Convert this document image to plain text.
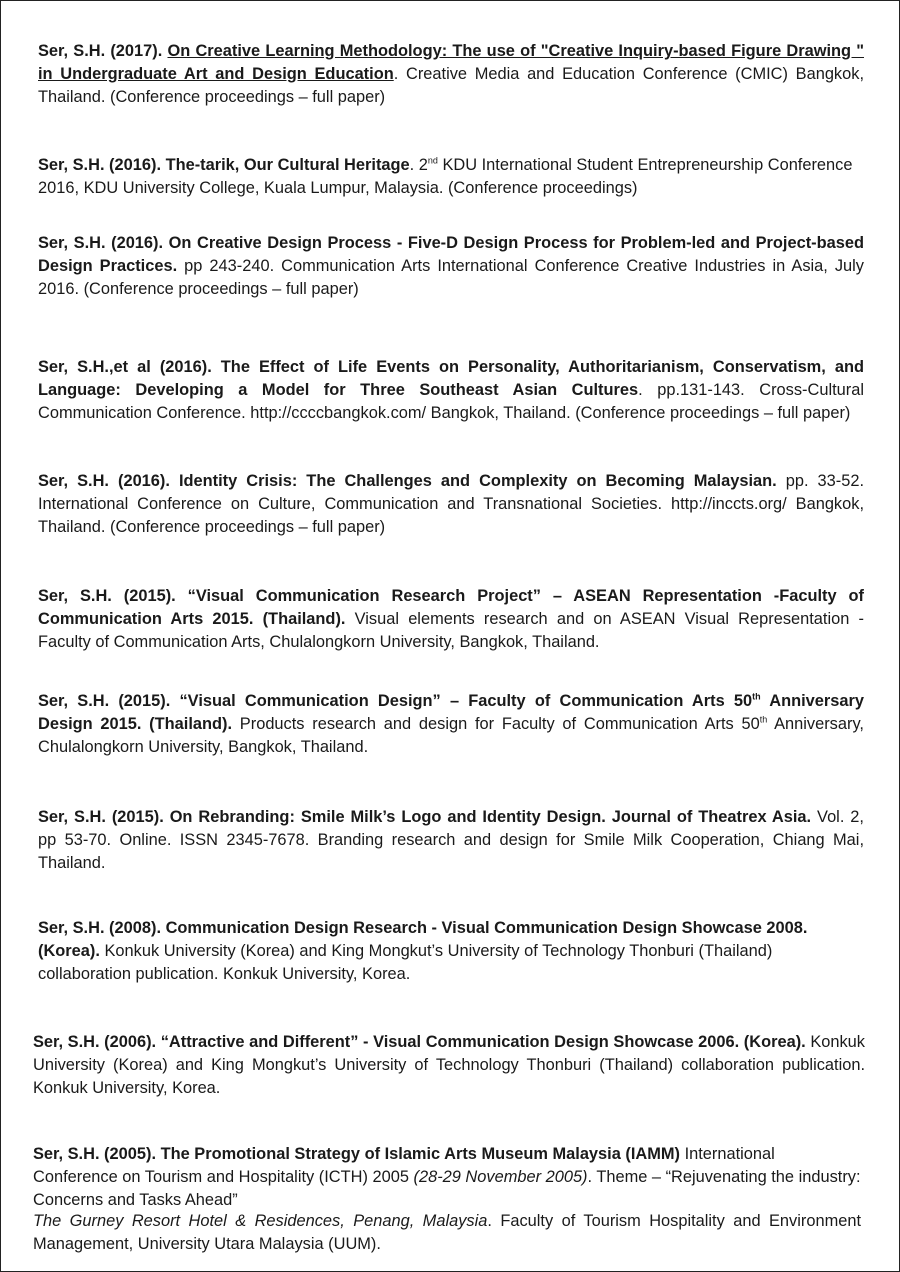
Ser, S.H. (2017). On Creative Learning Methodology: The use of "Creative Inquiry-based Figure Drawing " in Undergraduate Art and Design Education. Creative Media and Education Conference (CMIC) Bangkok, Thailand. (Conference proceedings – full paper)
Ser, S.H. (2016). The-tarik, Our Cultural Heritage. 2nd KDU International Student Entrepreneurship Conference 2016, KDU University College, Kuala Lumpur, Malaysia. (Conference proceedings)
Ser, S.H. (2016). On Creative Design Process - Five-D Design Process for Problem-led and Project-based Design Practices. pp 243-240. Communication Arts International Conference Creative Industries in Asia, July 2016. (Conference proceedings – full paper)
Ser, S.H.,et al (2016). The Effect of Life Events on Personality, Authoritarianism, Conservatism, and Language: Developing a Model for Three Southeast Asian Cultures. pp.131-143. Cross-Cultural Communication Conference. http://ccccbangkok.com/ Bangkok, Thailand. (Conference proceedings – full paper)
Ser, S.H. (2016). Identity Crisis: The Challenges and Complexity on Becoming Malaysian. pp. 33-52. International Conference on Culture, Communication and Transnational Societies. http://inccts.org/ Bangkok, Thailand. (Conference proceedings – full paper)
Ser, S.H. (2015). “Visual Communication Research Project” – ASEAN Representation -Faculty of Communication Arts 2015. (Thailand). Visual elements research and on ASEAN Visual Representation - Faculty of Communication Arts, Chulalongkorn University, Bangkok, Thailand.
Ser, S.H. (2015). “Visual Communication Design” – Faculty of Communication Arts 50th Anniversary Design 2015. (Thailand). Products research and design for Faculty of Communication Arts 50th Anniversary, Chulalongkorn University, Bangkok, Thailand.
Ser, S.H. (2015). On Rebranding: Smile Milk’s Logo and Identity Design. Journal of Theatrex Asia. Vol. 2, pp 53-70. Online. ISSN 2345-7678. Branding research and design for Smile Milk Cooperation, Chiang Mai, Thailand.
Ser, S.H. (2008). Communication Design Research - Visual Communication Design Showcase 2008. (Korea). Konkuk University (Korea) and King Mongkut’s University of Technology Thonburi (Thailand) collaboration publication. Konkuk University, Korea.
Ser, S.H. (2006). “Attractive and Different” - Visual Communication Design Showcase 2006. (Korea). Konkuk University (Korea) and King Mongkut’s University of Technology Thonburi (Thailand) collaboration publication. Konkuk University, Korea.
Ser, S.H. (2005). The Promotional Strategy of Islamic Arts Museum Malaysia (IAMM) International Conference on Tourism and Hospitality (ICTH) 2005 (28-29 November 2005). Theme – “Rejuvenating the industry: Concerns and Tasks Ahead”
The Gurney Resort Hotel & Residences, Penang, Malaysia. Faculty of Tourism Hospitality and Environment Management, University Utara Malaysia (UUM).
